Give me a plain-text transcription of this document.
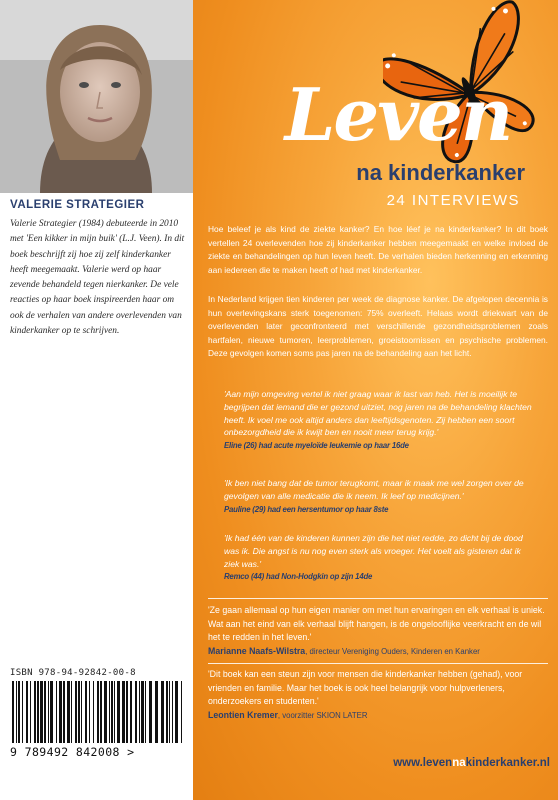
VALERIE STRATEGIER
Valerie Strategier (1984) debuteerde in 2010 met 'Een kikker in mijn buik' (L.J. Veen). In dit boek beschrijft zij hoe zij zelf kinderkanker heeft meegemaakt. Valerie werd op haar zevende behandeld tegen nierkanker. De vele reacties op haar boek inspireerden haar om ook de verhalen van andere overlevenden van kinderkanker op te schrijven.
ISBN 978-94-92842-00-8
9 789492 842008 >
Leven
na kinderkanker
24 INTERVIEWS
Hoe beleef je als kind de ziekte kanker? En hoe léef je na kinderkanker? In dit boek vertellen 24 overlevenden hoe zij kinderkanker hebben meegemaakt en welke invloed de ziekte en behandelingen op hun leven heeft. De verhalen bieden herkenning en erkenning aan iedereen die te maken heeft of had met kinderkanker.
In Nederland krijgen tien kinderen per week de diagnose kanker. De afgelopen decennia is hun overlevingskans sterk toegenomen: 75% overleeft. Helaas wordt driekwart van de overlevenden later geconfronteerd met verschillende gezondheidsproblemen zoals hartfalen, nieuwe tumoren, leerproblemen, groeistoornissen en psychische problemen. Deze gevolgen komen soms pas jaren na de behandeling aan het licht.
'Aan mijn omgeving vertel ik niet graag waar ik last van heb. Het is moeilijk te begrijpen dat iemand die er gezond uitziet, nog jaren na de behandeling klachten heeft. Ik voel me ook altijd anders dan leeftijdsgenoten. Zij hebben een soort onbezorgdheid die ik kwijt ben en nooit meer terug krijg.'
Eline (26) had acute myeloïde leukemie op haar 16de
'Ik ben niet bang dat de tumor terugkomt, maar ik maak me wel zorgen over de gevolgen van alle medicatie die ik neem. Ik leef op medicijnen.'
Pauline (29) had een hersentumor op haar 8ste
'Ik had één van de kinderen kunnen zijn die het niet redde, zo dicht bij de dood was ik. Die angst is nu nog even sterk als vroeger. Het voelt als gisteren dat ik ziek was.'
Remco (44) had Non-Hodgkin op zijn 14de
'Ze gaan allemaal op hun eigen manier om met hun ervaringen en elk verhaal is uniek. Wat aan het eind van elk verhaal blijft hangen, is de ongelooflijke veerkracht en de wil het te redden in het leven.'
Marianne Naafs-Wilstra, directeur Vereniging Ouders, Kinderen en Kanker
'Dit boek kan een steun zijn voor mensen die kinderkanker hebben (gehad), voor vrienden en familie. Maar het boek is ook heel belangrijk voor hulpverleners, onderzoekers en studenten.'
Leontien Kremer, voorzitter SKION LATER
www.levennakinderkanker.nl
